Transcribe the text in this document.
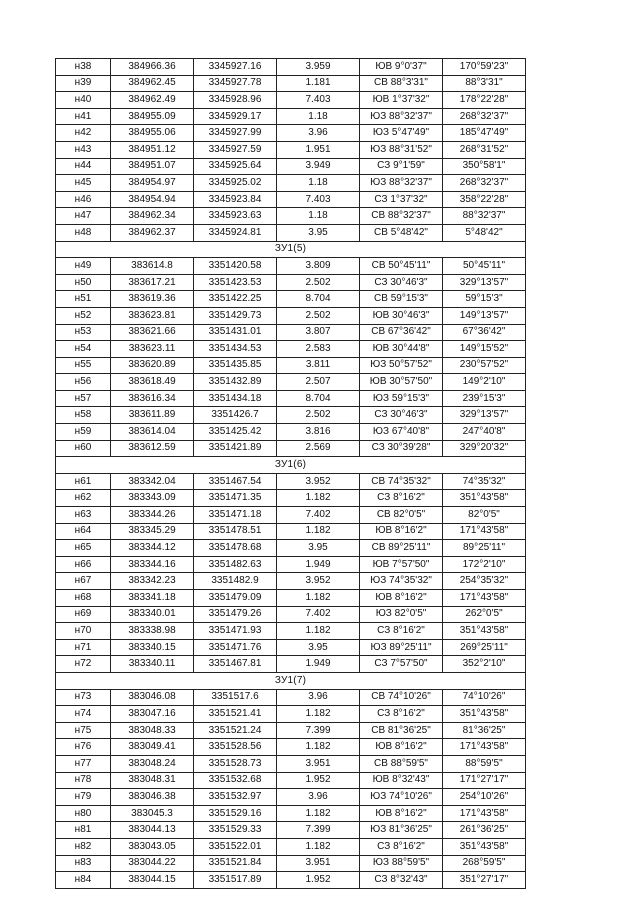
н38	384966.36	3345927.16	3.959	ЮВ 9°0'37"	170°59'23"
н39	384962.45	3345927.78	1.181	СВ 88°3'31"	88°3'31"
н40	384962.49	3345928.96	7.403	ЮВ 1°37'32"	178°22'28"
н41	384955.09	3345929.17	1.18	ЮЗ 88°32'37"	268°32'37"
н42	384955.06	3345927.99	3.96	ЮЗ 5°47'49"	185°47'49"
н43	384951.12	3345927.59	1.951	ЮЗ 88°31'52"	268°31'52"
н44	384951.07	3345925.64	3.949	СЗ 9°1'59"	350°58'1"
н45	384954.97	3345925.02	1.18	ЮЗ 88°32'37"	268°32'37"
н46	384954.94	3345923.84	7.403	СЗ 1°37'32"	358°22'28"
н47	384962.34	3345923.63	1.18	СВ 88°32'37"	88°32'37"
н48	384962.37	3345924.81	3.95	СВ 5°48'42"	5°48'42"
ЗУ1(5)					
н49	383614.8	3351420.58	3.809	СВ 50°45'11"	50°45'11"
н50	383617.21	3351423.53	2.502	СЗ 30°46'3"	329°13'57"
н51	383619.36	3351422.25	8.704	СВ 59°15'3"	59°15'3"
н52	383623.81	3351429.73	2.502	ЮВ 30°46'3"	149°13'57"
н53	383621.66	3351431.01	3.807	СВ 67°36'42"	67°36'42"
н54	383623.11	3351434.53	2.583	ЮВ 30°44'8"	149°15'52"
н55	383620.89	3351435.85	3.811	ЮЗ 50°57'52"	230°57'52"
н56	383618.49	3351432.89	2.507	ЮВ 30°57'50"	149°2'10"
н57	383616.34	3351434.18	8.704	ЮЗ 59°15'3"	239°15'3"
н58	383611.89	3351426.7	2.502	СЗ 30°46'3"	329°13'57"
н59	383614.04	3351425.42	3.816	ЮЗ 67°40'8"	247°40'8"
н60	383612.59	3351421.89	2.569	СЗ 30°39'28"	329°20'32"
ЗУ1(6)					
н61	383342.04	3351467.54	3.952	СВ 74°35'32"	74°35'32"
н62	383343.09	3351471.35	1.182	СЗ 8°16'2"	351°43'58"
н63	383344.26	3351471.18	7.402	СВ 82°0'5"	82°0'5"
н64	383345.29	3351478.51	1.182	ЮВ 8°16'2"	171°43'58"
н65	383344.12	3351478.68	3.95	СВ 89°25'11"	89°25'11"
н66	383344.16	3351482.63	1.949	ЮВ 7°57'50"	172°2'10"
н67	383342.23	3351482.9	3.952	ЮЗ 74°35'32"	254°35'32"
н68	383341.18	3351479.09	1.182	ЮВ 8°16'2"	171°43'58"
н69	383340.01	3351479.26	7.402	ЮЗ 82°0'5"	262°0'5"
н70	383338.98	3351471.93	1.182	СЗ 8°16'2"	351°43'58"
н71	383340.15	3351471.76	3.95	ЮЗ 89°25'11"	269°25'11"
н72	383340.11	3351467.81	1.949	СЗ 7°57'50"	352°2'10"
ЗУ1(7)					
н73	383046.08	3351517.6	3.96	СВ 74°10'26"	74°10'26"
н74	383047.16	3351521.41	1.182	СЗ 8°16'2"	351°43'58"
н75	383048.33	3351521.24	7.399	СВ 81°36'25"	81°36'25"
н76	383049.41	3351528.56	1.182	ЮВ 8°16'2"	171°43'58"
н77	383048.24	3351528.73	3.951	СВ 88°59'5"	88°59'5"
н78	383048.31	3351532.68	1.952	ЮВ 8°32'43"	171°27'17"
н79	383046.38	3351532.97	3.96	ЮЗ 74°10'26"	254°10'26"
н80	383045.3	3351529.16	1.182	ЮВ 8°16'2"	171°43'58"
н81	383044.13	3351529.33	7.399	ЮЗ 81°36'25"	261°36'25"
н82	383043.05	3351522.01	1.182	СЗ 8°16'2"	351°43'58"
н83	383044.22	3351521.84	3.951	ЮЗ 88°59'5"	268°59'5"
н84	383044.15	3351517.89	1.952	СЗ 8°32'43"	351°27'17"
